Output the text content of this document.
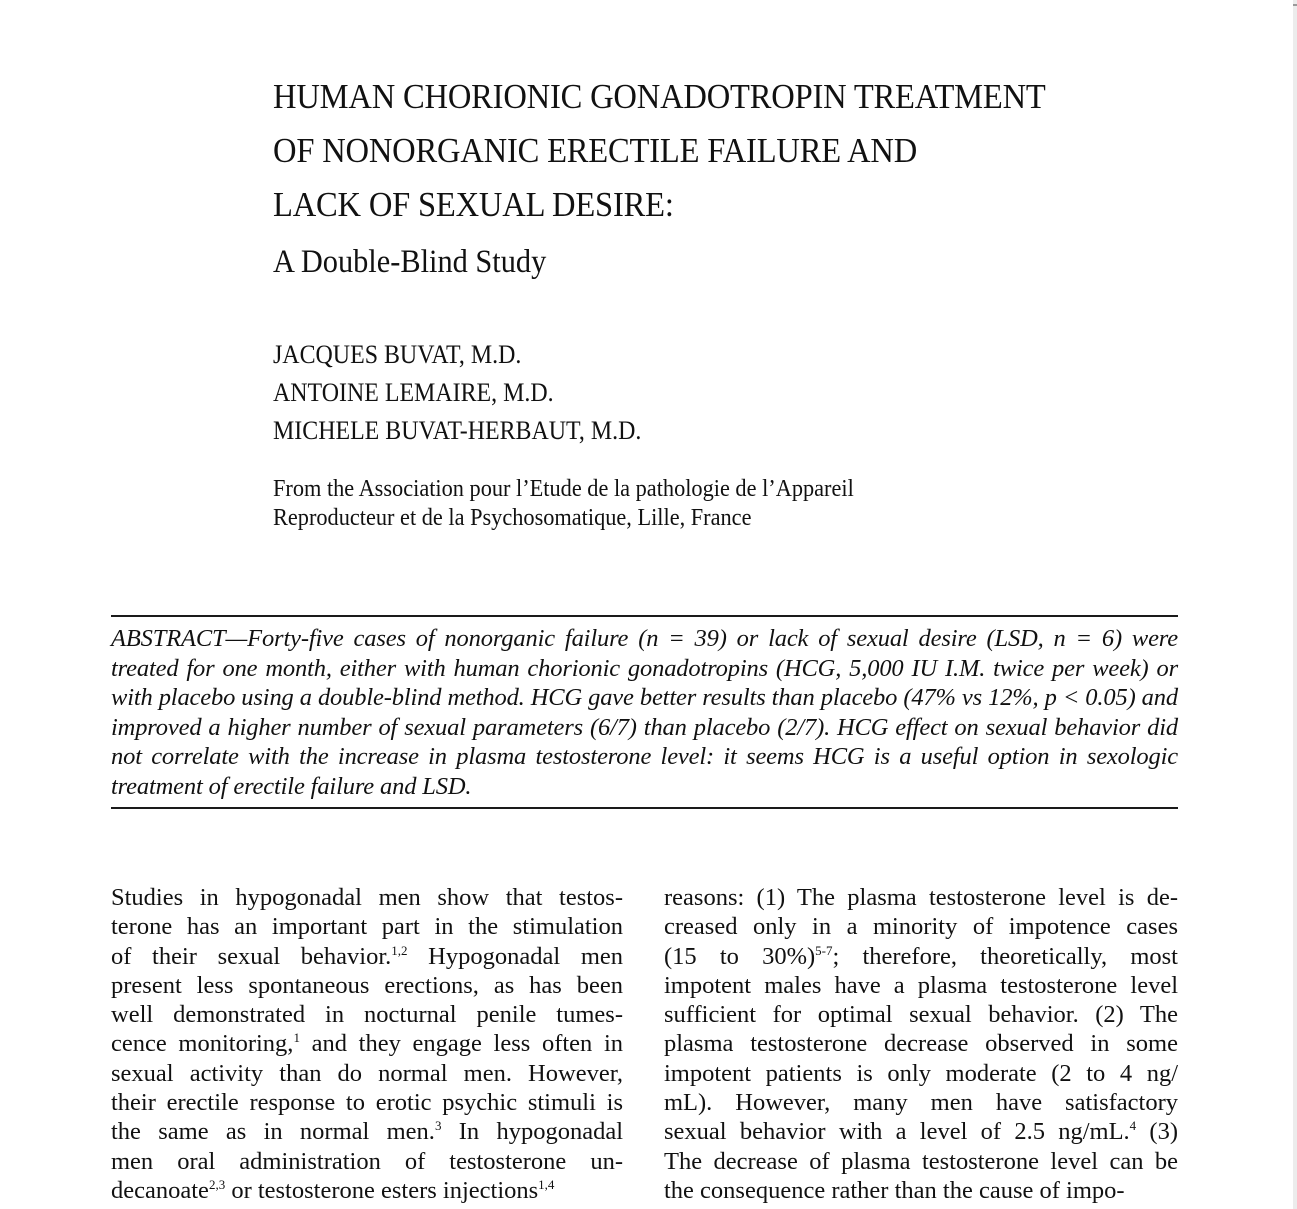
HUMAN CHORIONIC GONADOTROPIN TREATMENT
OF NONORGANIC ERECTILE FAILURE AND
LACK OF SEXUAL DESIRE:
A Double-Blind Study
JACQUES BUVAT, M.D.
ANTOINE LEMAIRE, M.D.
MICHELE BUVAT-HERBAUT, M.D.
From the Association pour l’Etude de la pathologie de l’Appareil
Reproducteur et de la Psychosomatique, Lille, France

ABSTRACT—Forty-five cases of nonorganic failure (n = 39) or lack of sexual desire (LSD, n = 6) were treated for one month, either with human chorionic gonadotropins (HCG, 5,000 IU I.M. twice per week) or with placebo using a double-blind method. HCG gave better results than placebo (47% vs 12%, p < 0.05) and improved a higher number of sexual parameters (6/7) than placebo (2/7). HCG effect on sexual behavior did not correlate with the increase in plasma testosterone level: it seems HCG is a useful option in sexologic treatment of erectile failure and LSD.

Studies in hypogonadal men show that testos-
terone has an important part in the stimulation
of their sexual behavior.$^{1,2}$ Hypogonadal men
present less spontaneous erections, as has been
well demonstrated in nocturnal penile tumes-
cence monitoring,$^1$ and they engage less often in
sexual activity than do normal men. However,
their erectile response to erotic psychic stimuli is
the same as in normal men.$^3$ In hypogonadal
men oral administration of testosterone un-
decanoate$^{2,3}$ or testosterone esters injections$^{1,4}$
reasons: (1) The plasma testosterone level is de-
creased only in a minority of impotence cases
(15 to 30%)$^{5-7}$; therefore, theoretically, most
impotent males have a plasma testosterone level
sufficient for optimal sexual behavior. (2) The
plasma testosterone decrease observed in some
impotent patients is only moderate (2 to 4 ng/
mL). However, many men have satisfactory
sexual behavior with a level of 2.5 ng/mL.$^4$ (3)
The decrease of plasma testosterone level can be
the consequence rather than the cause of impo-
